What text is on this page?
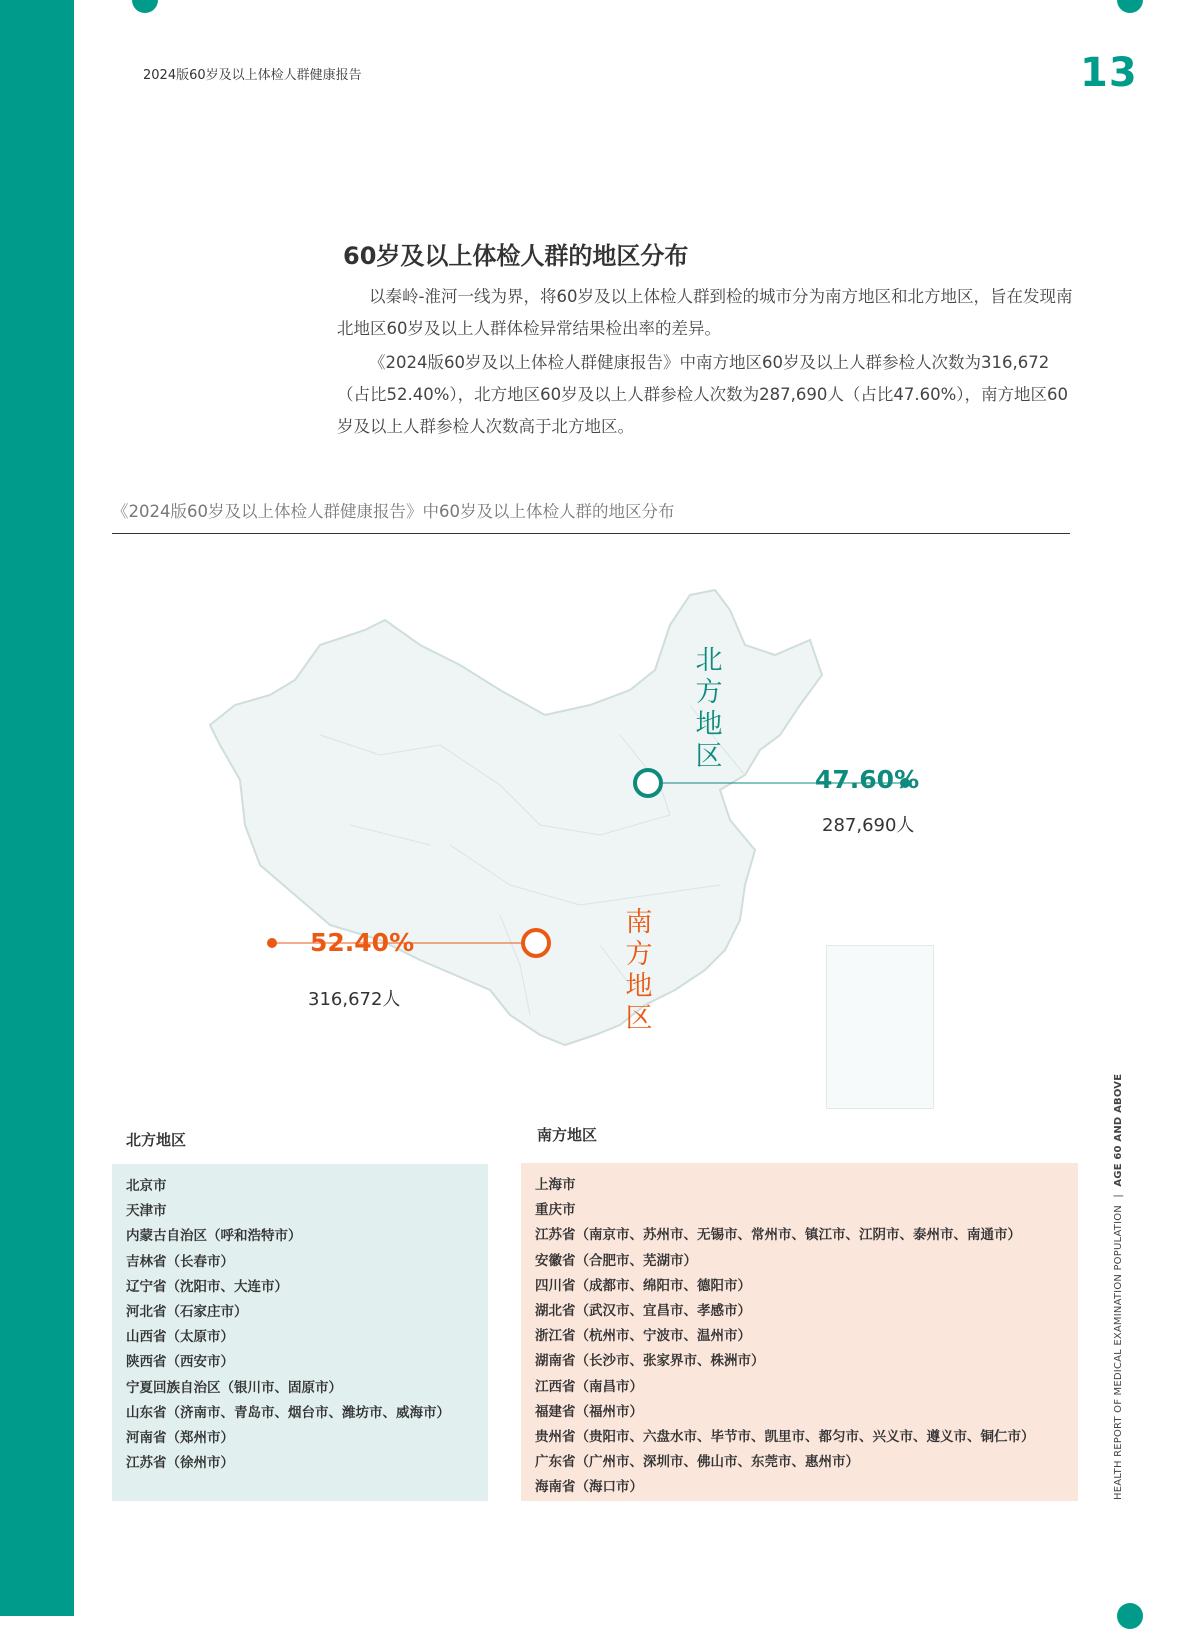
2024版60岁及以上体检人群健康报告	13
60岁及以上体检人群的地区分布

以秦岭-淮河一线为界，将60岁及以上体检人群到检的城市分为南方地区和北方地区，旨在发现南北地区60岁及以上人群体检异常结果检出率的差异。

《2024版60岁及以上体检人群健康报告》中南方地区60岁及以上人群参检人次数为316,672（占比52.40%），北方地区60岁及以上人群参检人次数为287,690人（占比47.60%），南方地区60岁及以上人群参检人次数高于北方地区。

《2024版60岁及以上体检人群健康报告》中60岁及以上体检人群的地区分布
北
方
地
区
南
方
地
区
47.60%
287,690人
52.40%
316,672人
北方地区	南方地区
北京市
天津市
内蒙古自治区（呼和浩特市）
吉林省（长春市）
辽宁省（沈阳市、大连市）
河北省（石家庄市）
山西省（太原市）
陕西省（西安市）
宁夏回族自治区（银川市、固原市）
山东省（济南市、青岛市、烟台市、潍坊市、威海市）
河南省（郑州市）
江苏省（徐州市）
上海市
重庆市
江苏省（南京市、苏州市、无锡市、常州市、镇江市、江阴市、泰州市、南通市）
安徽省（合肥市、芜湖市）
四川省（成都市、绵阳市、德阳市）
湖北省（武汉市、宜昌市、孝感市）
浙江省（杭州市、宁波市、温州市）
湖南省（长沙市、张家界市、株洲市）
江西省（南昌市）
福建省（福州市）
贵州省（贵阳市、六盘水市、毕节市、凯里市、都匀市、兴义市、遵义市、铜仁市）
广东省（广州市、深圳市、佛山市、东莞市、惠州市）
海南省（海口市）	HEALTH REPORT OF MEDICAL EXAMINATION POPULATION | AGE 60 AND ABOVE
